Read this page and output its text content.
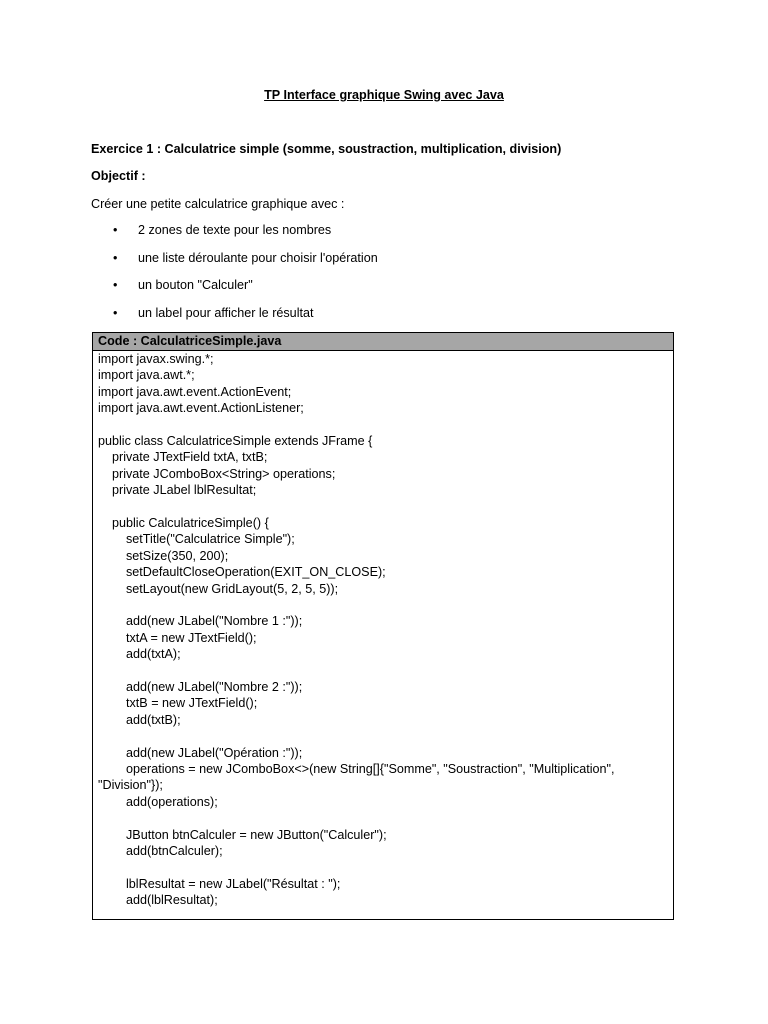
TP Interface graphique Swing avec Java
Exercice 1 : Calculatrice simple (somme, soustraction, multiplication, division)
Objectif :
Créer une petite calculatrice graphique avec :
• 2 zones de texte pour les nombres
• une liste déroulante pour choisir l'opération
• un bouton "Calculer"
• un label pour afficher le résultat
Code : CalculatriceSimple.java
import javax.swing.*;
import java.awt.*;
import java.awt.event.ActionEvent;
import java.awt.event.ActionListener;
public class CalculatriceSimple extends JFrame {
private JTextField txtA, txtB;
private JComboBox<String> operations;
private JLabel lblResultat;
public CalculatriceSimple() {
setTitle("Calculatrice Simple");
setSize(350, 200);
setDefaultCloseOperation(EXIT_ON_CLOSE);
setLayout(new GridLayout(5, 2, 5, 5));
add(new JLabel("Nombre 1 :"));
txtA = new JTextField();
add(txtA);
add(new JLabel("Nombre 2 :"));
txtB = new JTextField();
add(txtB);
add(new JLabel("Opération :"));
operations = new JComboBox<>(new String[]{"Somme", "Soustraction", "Multiplication",
"Division"});
add(operations);
JButton btnCalculer = new JButton("Calculer");
add(btnCalculer);
lblResultat = new JLabel("Résultat : ");
add(lblResultat);
